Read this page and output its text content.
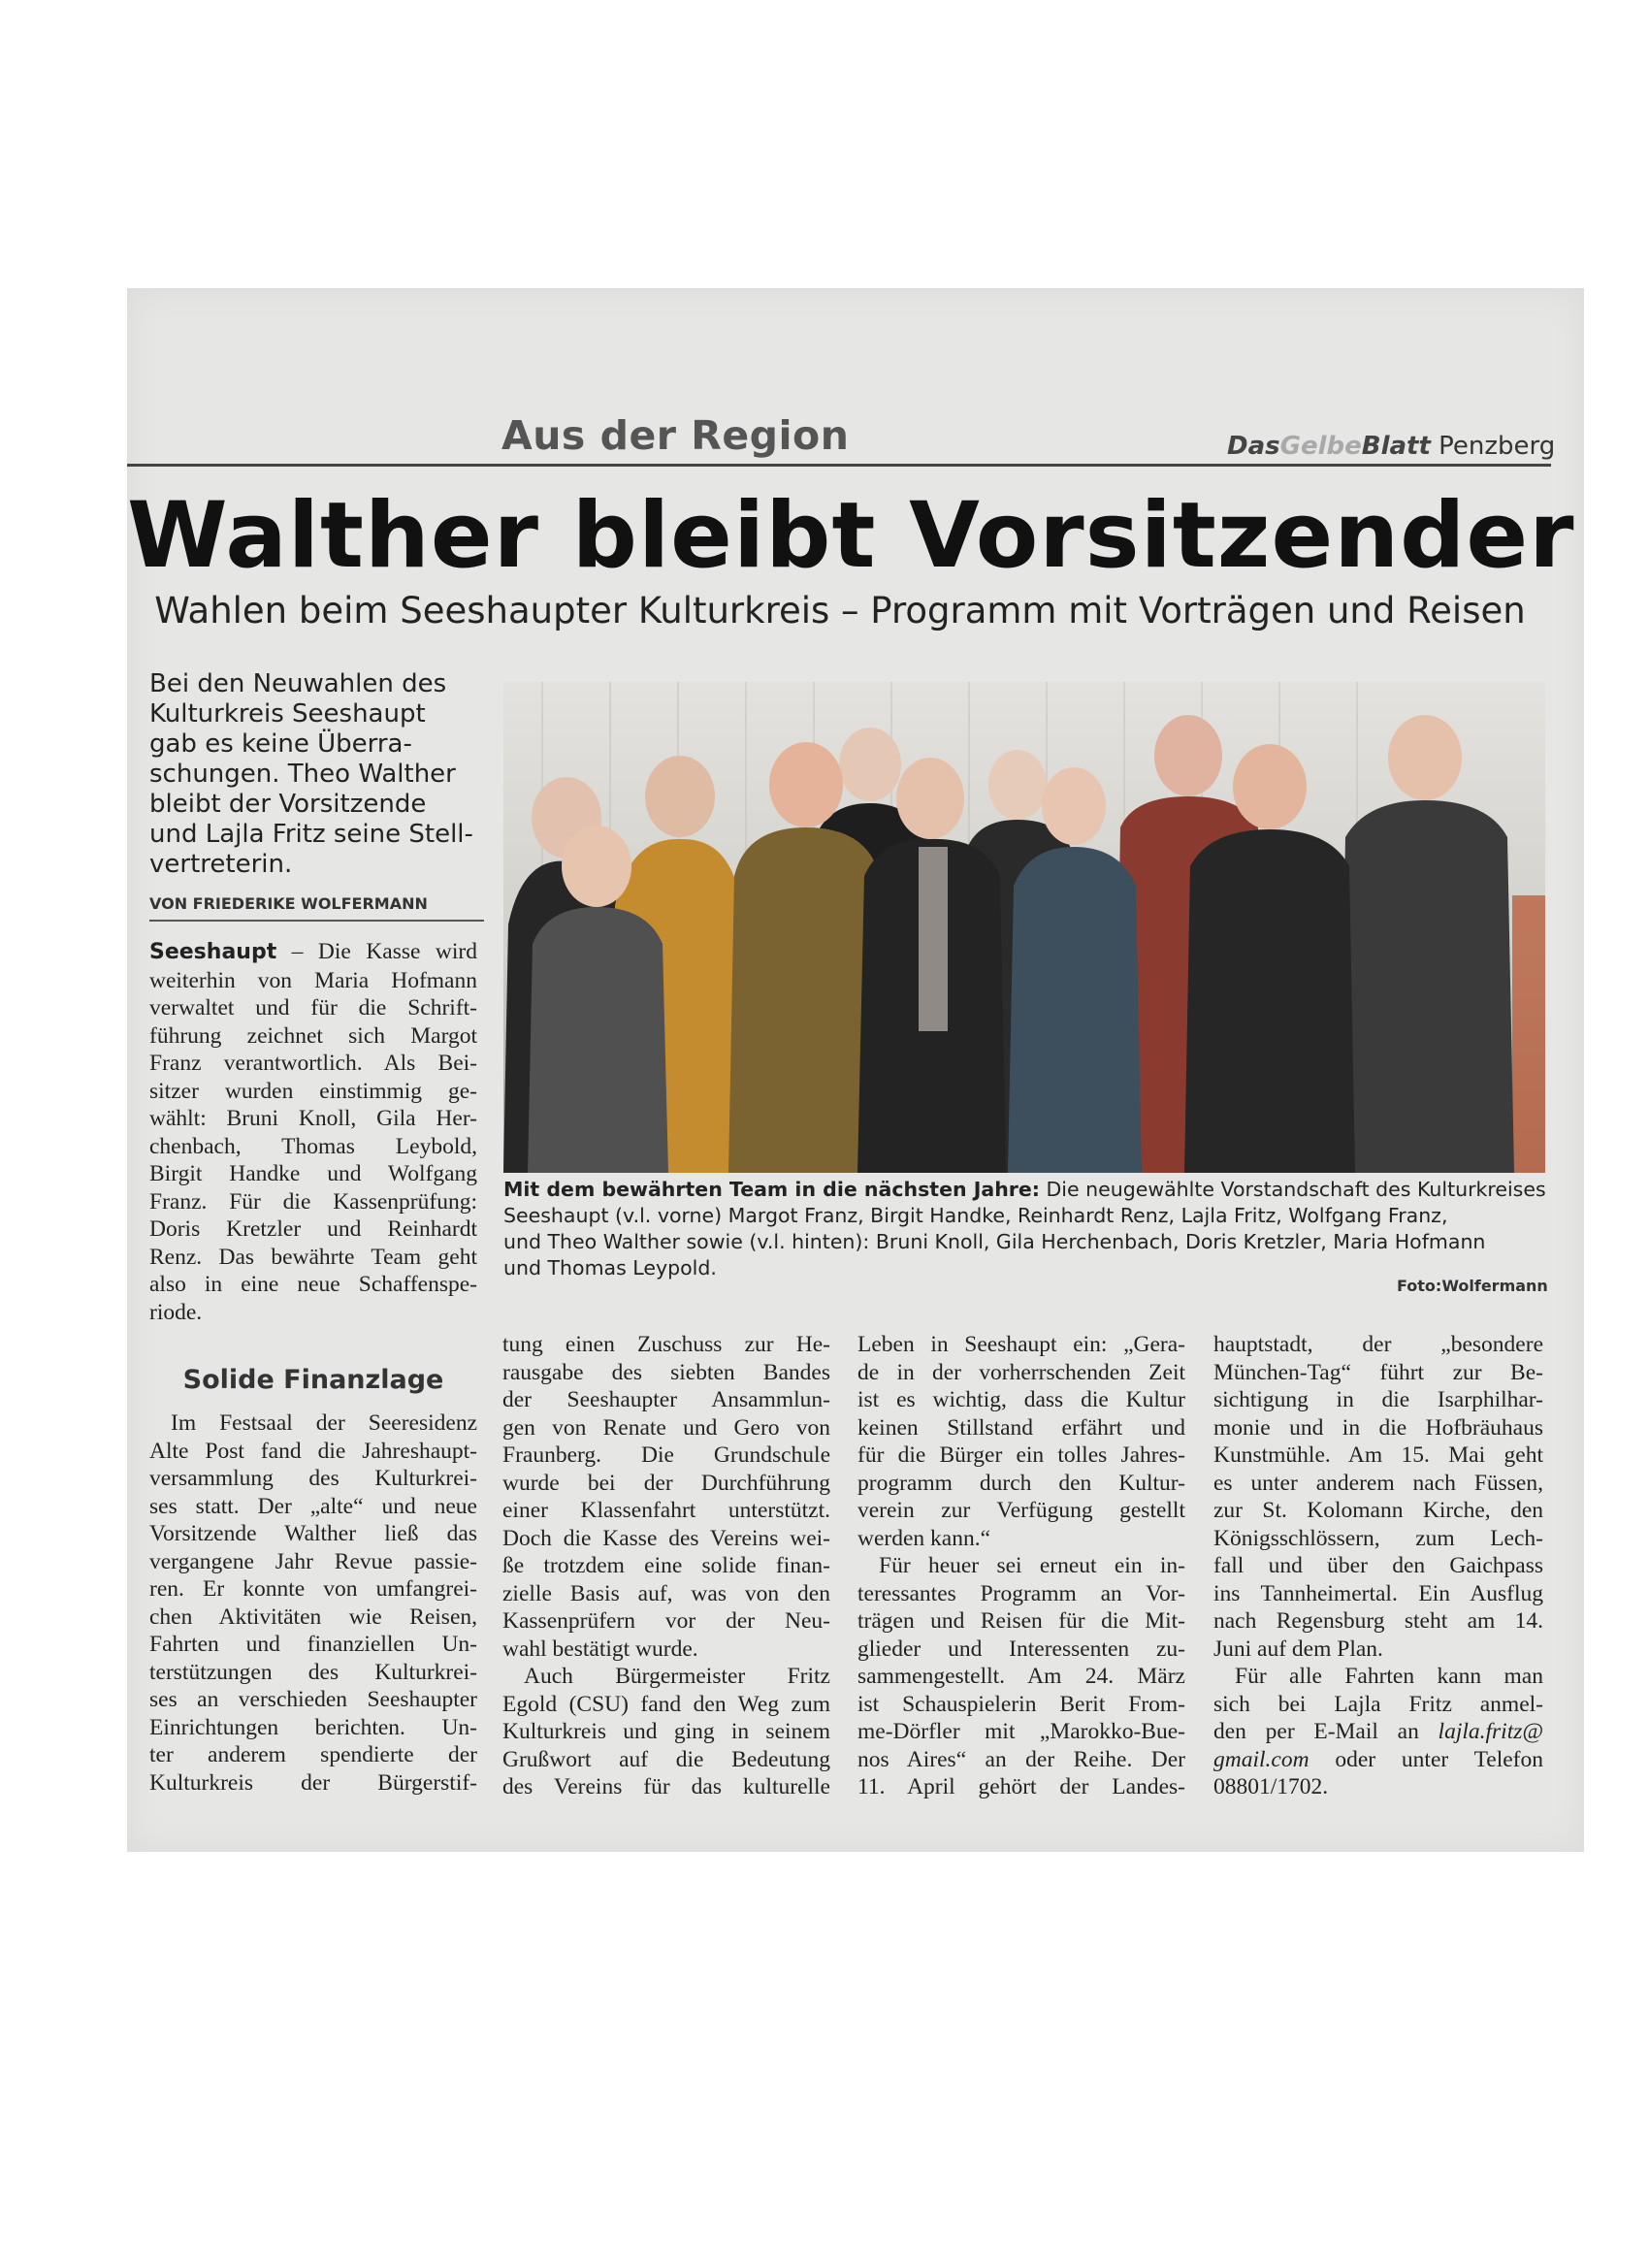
Aus der Region	DasGelbeBlatt Penzberg
Walther bleibt Vorsitzender
Wahlen beim Seeshaupter Kulturkreis – Programm mit Vorträgen und Reisen
Bei den Neuwahlen des
Kulturkreis Seeshaupt
gab es keine Überra-
schungen. Theo Walther
bleibt der Vorsitzende
und Lajla Fritz seine Stell-
vertreterin.
VON FRIEDERIKE WOLFERMANN
Seeshaupt – Die Kasse wird
weiterhin von Maria Hofmann
verwaltet und für die Schrift-
führung zeichnet sich Margot
Franz verantwortlich. Als Bei-
sitzer wurden einstimmig ge-
wählt: Bruni Knoll, Gila Her-
chenbach, Thomas Leybold,
Birgit Handke und Wolfgang
Franz. Für die Kassenprüfung:
Doris Kretzler und Reinhardt
Renz. Das bewährte Team geht
also in eine neue Schaffenspe-
riode.
Solide Finanzlage
Im Festsaal der Seeresidenz
Alte Post fand die Jahreshaupt-
versammlung des Kulturkrei-
ses statt. Der „alte“ und neue
Vorsitzende Walther ließ das
vergangene Jahr Revue passie-
ren. Er konnte von umfangrei-
chen Aktivitäten wie Reisen,
Fahrten und finanziellen Un-
terstützungen des Kulturkrei-
ses an verschieden Seeshaupter
Einrichtungen berichten. Un-
ter anderem spendierte der
Kulturkreis der Bürgerstif-
Mit dem bewährten Team in die nächsten Jahre: Die neugewählte Vorstandschaft des Kulturkreises
Seeshaupt (v.l. vorne) Margot Franz, Birgit Handke, Reinhardt Renz, Lajla Fritz, Wolfgang Franz,
und Theo Walther sowie (v.l. hinten): Bruni Knoll, Gila Herchenbach, Doris Kretzler, Maria Hofmann
und Thomas Leypold.
Foto:Wolfermann
tung einen Zuschuss zur He-
rausgabe des siebten Bandes
der Seeshaupter Ansammlun-
gen von Renate und Gero von
Fraunberg. Die Grundschule
wurde bei der Durchführung
einer Klassenfahrt unterstützt.
Doch die Kasse des Vereins wei-
ße trotzdem eine solide finan-
zielle Basis auf, was von den
Kassenprüfern vor der Neu-
wahl bestätigt wurde.
Auch Bürgermeister Fritz
Egold (CSU) fand den Weg zum
Kulturkreis und ging in seinem
Grußwort auf die Bedeutung
des Vereins für das kulturelle
Leben in Seeshaupt ein: „Gera-
de in der vorherrschenden Zeit
ist es wichtig, dass die Kultur
keinen Stillstand erfährt und
für die Bürger ein tolles Jahres-
programm durch den Kultur-
verein zur Verfügung gestellt
werden kann.“
Für heuer sei erneut ein in-
teressantes Programm an Vor-
trägen und Reisen für die Mit-
glieder und Interessenten zu-
sammengestellt. Am 24. März
ist Schauspielerin Berit From-
me-Dörfler mit „Marokko-Bue-
nos Aires“ an der Reihe. Der
11. April gehört der Landes-
hauptstadt, der „besondere
München-Tag“ führt zur Be-
sichtigung in die Isarphilhar-
monie und in die Hofbräuhaus
Kunstmühle. Am 15. Mai geht
es unter anderem nach Füssen,
zur St. Kolomann Kirche, den
Königsschlössern, zum Lech-
fall und über den Gaichpass
ins Tannheimertal. Ein Ausflug
nach Regensburg steht am 14.
Juni auf dem Plan.
Für alle Fahrten kann man
sich bei Lajla Fritz anmel-
den per E-Mail an lajla.fritz@
gmail.com oder unter Telefon
08801/1702.
